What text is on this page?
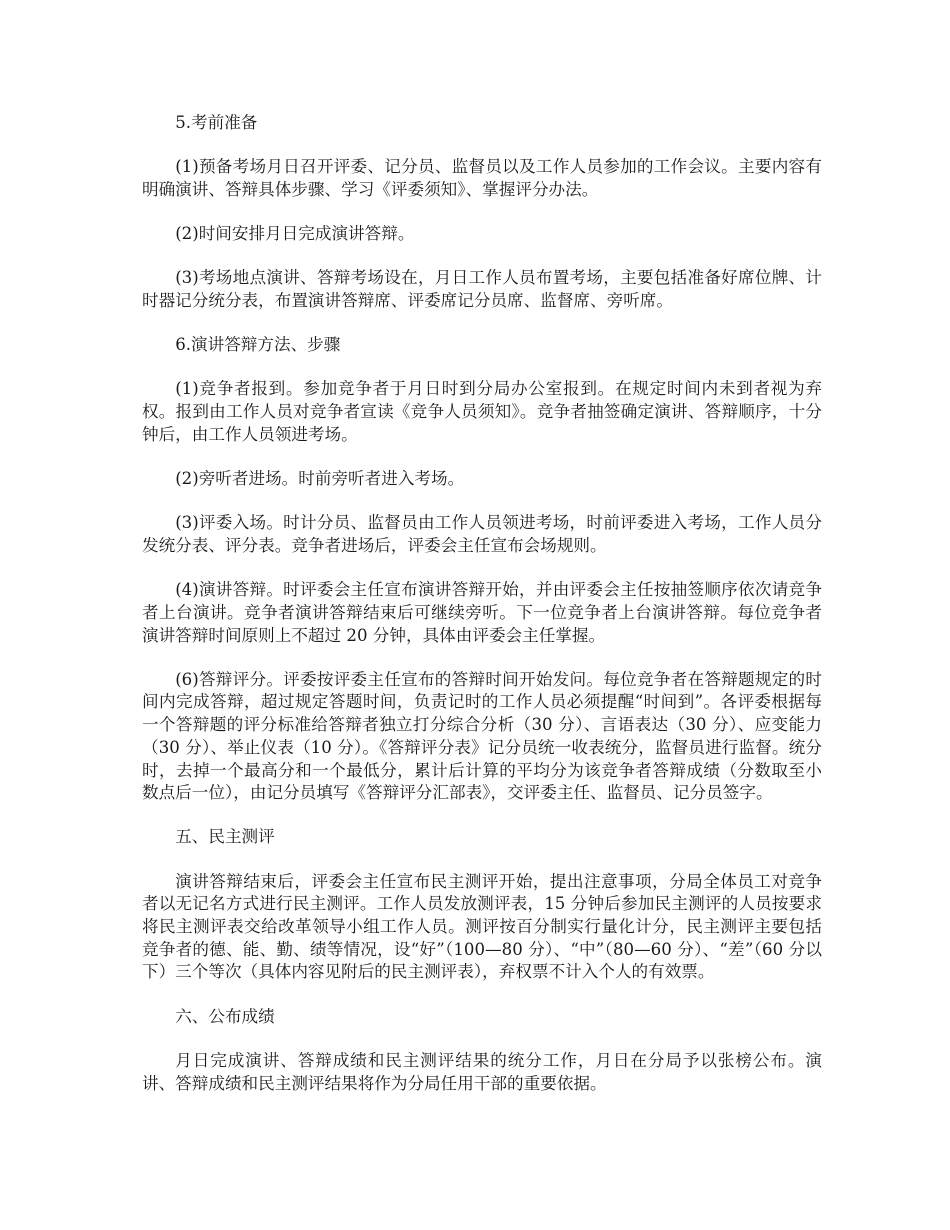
5.考前准备

(1)预备考场月日召开评委、记分员、监督员以及工作人员参加的工作会议。主要内容有明确演讲、答辩具体步骤、学习《评委须知》、掌握评分办法。

(2)时间安排月日完成演讲答辩。

(3)考场地点演讲、答辩考场设在，月日工作人员布置考场，主要包括准备好席位牌、计时器记分统分表，布置演讲答辩席、评委席记分员席、监督席、旁听席。

6.演讲答辩方法、步骤

(1)竞争者报到。参加竞争者于月日时到分局办公室报到。在规定时间内未到者视为弃权。报到由工作人员对竞争者宣读《竞争人员须知》。竞争者抽签确定演讲、答辩顺序，十分钟后，由工作人员领进考场。

(2)旁听者进场。时前旁听者进入考场。

(3)评委入场。时计分员、监督员由工作人员领进考场，时前评委进入考场，工作人员分发统分表、评分表。竞争者进场后，评委会主任宣布会场规则。

(4)演讲答辩。时评委会主任宣布演讲答辩开始，并由评委会主任按抽签顺序依次请竞争者上台演讲。竞争者演讲答辩结束后可继续旁听。下一位竞争者上台演讲答辩。每位竞争者演讲答辩时间原则上不超过 20 分钟，具体由评委会主任掌握。

(6)答辩评分。评委按评委主任宣布的答辩时间开始发问。每位竞争者在答辩题规定的时间内完成答辩，超过规定答题时间，负责记时的工作人员必须提醒“时间到”。各评委根据每一个答辩题的评分标准给答辩者独立打分综合分析（30 分）、言语表达（30 分）、应变能力（30 分）、举止仪表（10 分）。《答辩评分表》记分员统一收表统分，监督员进行监督。统分时，去掉一个最高分和一个最低分，累计后计算的平均分为该竞争者答辩成绩（分数取至小数点后一位），由记分员填写《答辩评分汇部表》，交评委主任、监督员、记分员签字。

五、民主测评

演讲答辩结束后，评委会主任宣布民主测评开始，提出注意事项，分局全体员工对竞争者以无记名方式进行民主测评。工作人员发放测评表，15 分钟后参加民主测评的人员按要求将民主测评表交给改革领导小组工作人员。测评按百分制实行量化计分，民主测评主要包括竞争者的德、能、勤、绩等情况，设“好”（100—80 分）、“中”（80—60 分）、“差”（60 分以下）三个等次（具体内容见附后的民主测评表），弃权票不计入个人的有效票。

六、公布成绩

月日完成演讲、答辩成绩和民主测评结果的统分工作，月日在分局予以张榜公布。演讲、答辩成绩和民主测评结果将作为分局任用干部的重要依据。
